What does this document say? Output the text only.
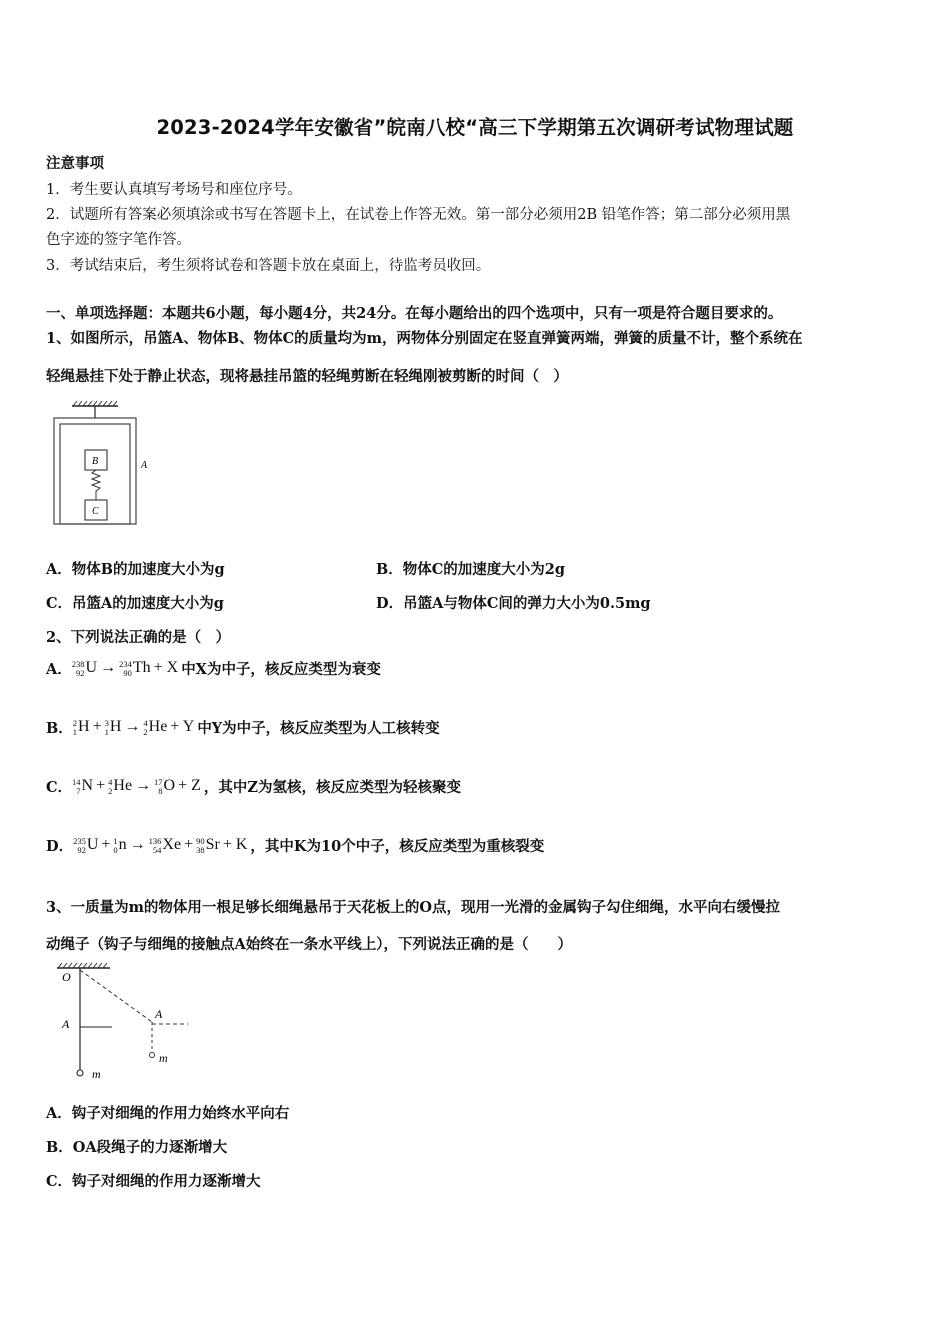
2023-2024学年安徽省”皖南八校“高三下学期第五次调研考试物理试题
注意事项
1．考生要认真填写考场号和座位序号。
2．试题所有答案必须填涂或书写在答题卡上，在试卷上作答无效。第一部分必须用2B 铅笔作答；第二部分必须用黑
色字迹的签字笔作答。
3．考试结束后，考生须将试卷和答题卡放在桌面上，待监考员收回。
一、单项选择题：本题共6小题，每小题4分，共24分。在每小题给出的四个选项中，只有一项是符合题目要求的。
1、如图所示，吊篮A、物体B、物体C的质量均为m，两物体分别固定在竖直弹簧两端，弹簧的质量不计，整个系统在
轻绳悬挂下处于静止状态，现将悬挂吊篮的轻绳剪断在轻绳刚被剪断的时间（　）
B
C
A
A．物体B的加速度大小为g	B．物体C的加速度大小为2g
C．吊篮A的加速度大小为g	D．吊篮A与物体C间的弹力大小为0.5mg
2、下列说法正确的是（　）
A． 238
92 U → 234
90 Th + X 中X为中子，核反应类型为衰变
B． 2
1 H + 3
1 H → 4
2 He + Y 中Y为中子，核反应类型为人工核转变
C． 14
7 N + 4
2 He → 17
8 O + Z ，其中Z为氢核，核反应类型为轻核聚变
D． 235
92 U + 1
0 n → 136
54 Xe + 90
38 Sr + K ，其中K为10个中子，核反应类型为重核裂变
3、一质量为m的物体用一根足够长细绳悬吊于天花板上的O点，现用一光滑的金属钩子勾住细绳，水平向右缓慢拉
动绳子（钩子与细绳的接触点A始终在一条水平线上），下列说法正确的是（　　）
O
A
m
A
m
A．钩子对细绳的作用力始终水平向右
B．OA段绳子的力逐渐增大
C．钩子对细绳的作用力逐渐增大
